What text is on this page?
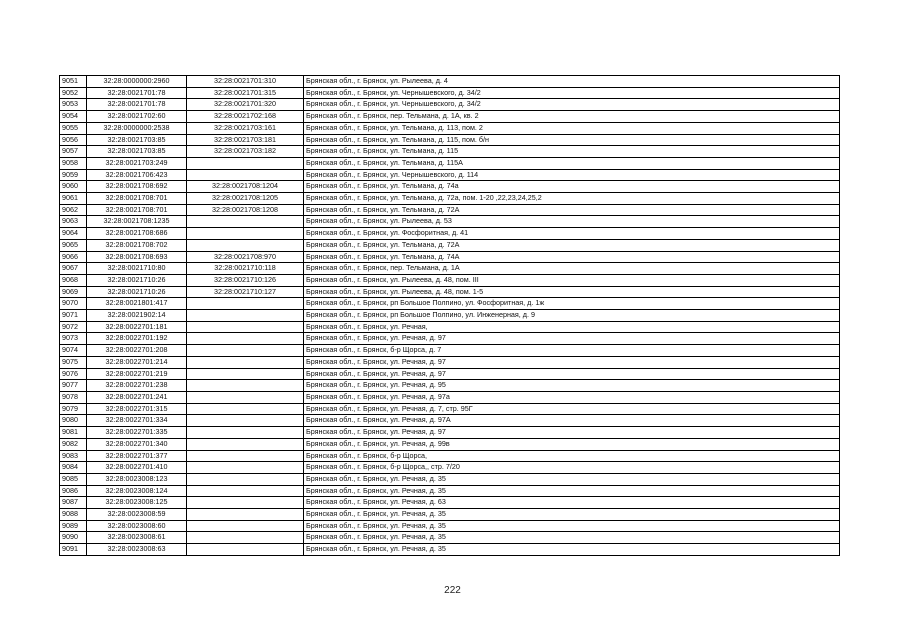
9051	32:28:0000000:2960	32:28:0021701:310	Брянская обл., г. Брянск, ул. Рылеева, д. 4
9052	32:28:0021701:78	32:28:0021701:315	Брянская обл., г. Брянск, ул. Чернышевского, д. 34/2
9053	32:28:0021701:78	32:28:0021701:320	Брянская обл., г. Брянск, ул. Чернышевского, д. 34/2
9054	32:28:0021702:60	32:28:0021702:168	Брянская обл., г. Брянск, пер. Тельмана, д. 1А, кв. 2
9055	32:28:0000000:2538	32:28:0021703:161	Брянская обл., г. Брянск, ул. Тельмана, д. 113, пом. 2
9056	32:28:0021703:85	32:28:0021703:181	Брянская обл., г. Брянск, ул. Тельмана, д. 115, пом. б/н
9057	32:28:0021703:85	32:28:0021703:182	Брянская обл., г. Брянск, ул. Тельмана, д. 115
9058	32:28:0021703:249		Брянская обл., г. Брянск, ул. Тельмана, д. 115А
9059	32:28:0021706:423		Брянская обл., г. Брянск, ул. Чернышевского, д. 114
9060	32:28:0021708:692	32:28:0021708:1204	Брянская обл., г. Брянск, ул. Тельмана, д. 74а
9061	32:28:0021708:701	32:28:0021708:1205	Брянская обл., г. Брянск, ул. Тельмана, д. 72а, пом. 1-20 ,22,23,24,25,2
9062	32:28:0021708:701	32:28:0021708:1208	Брянская обл., г. Брянск, ул. Тельмана, д. 72А
9063	32:28:0021708:1235		Брянская обл., г. Брянск, ул. Рылеева, д. 53
9064	32:28:0021708:686		Брянская обл., г. Брянск, ул. Фосфоритная, д. 41
9065	32:28:0021708:702		Брянская обл., г. Брянск, ул. Тельмана, д. 72А
9066	32:28:0021708:693	32:28:0021708:970	Брянская обл., г. Брянск, ул. Тельмана, д. 74А
9067	32:28:0021710:80	32:28:0021710:118	Брянская обл., г. Брянск, пер. Тельмана, д. 1А
9068	32:28:0021710:26	32:28:0021710:126	Брянская обл., г. Брянск, ул. Рылеева, д. 48, пом. III
9069	32:28:0021710:26	32:28:0021710:127	Брянская обл., г. Брянск, ул. Рылеева, д. 48, пом. 1-5
9070	32:28:0021801:417		Брянская обл., г. Брянск, рп Большое Полпино, ул. Фосфоритная, д. 1ж
9071	32:28:0021902:14		Брянская обл., г. Брянск, рп Большое Полпино, ул. Инженерная, д. 9
9072	32:28:0022701:181		Брянская обл., г. Брянск, ул. Речная,
9073	32:28:0022701:192		Брянская обл., г. Брянск, ул. Речная, д. 97
9074	32:28:0022701:208		Брянская обл., г. Брянск, б-р Щорса, д. 7
9075	32:28:0022701:214		Брянская обл., г. Брянск, ул. Речная, д. 97
9076	32:28:0022701:219		Брянская обл., г. Брянск, ул. Речная, д. 97
9077	32:28:0022701:238		Брянская обл., г. Брянск, ул. Речная, д. 95
9078	32:28:0022701:241		Брянская обл., г. Брянск, ул. Речная, д. 97а
9079	32:28:0022701:315		Брянская обл., г. Брянск, ул. Речная, д. 7, стр. 95Г
9080	32:28:0022701:334		Брянская обл., г. Брянск, ул. Речная, д. 97А
9081	32:28:0022701:335		Брянская обл., г. Брянск, ул. Речная, д. 97
9082	32:28:0022701:340		Брянская обл., г. Брянск, ул. Речная, д. 99в
9083	32:28:0022701:377		Брянская обл., г. Брянск, б-р Щорса,
9084	32:28:0022701:410		Брянская обл., г. Брянск, б-р Щорса,, стр. 7/20
9085	32:28:0023008:123		Брянская обл., г. Брянск, ул. Речная, д. 35
9086	32:28:0023008:124		Брянская обл., г. Брянск, ул. Речная, д. 35
9087	32:28:0023008:125		Брянская обл., г. Брянск, ул. Речная, д. 63
9088	32:28:0023008:59		Брянская обл., г. Брянск, ул. Речная, д. 35
9089	32:28:0023008:60		Брянская обл., г. Брянск, ул. Речная, д. 35
9090	32:28:0023008:61		Брянская обл., г. Брянск, ул. Речная, д. 35
9091	32:28:0023008:63		Брянская обл., г. Брянск, ул. Речная, д. 35
222
